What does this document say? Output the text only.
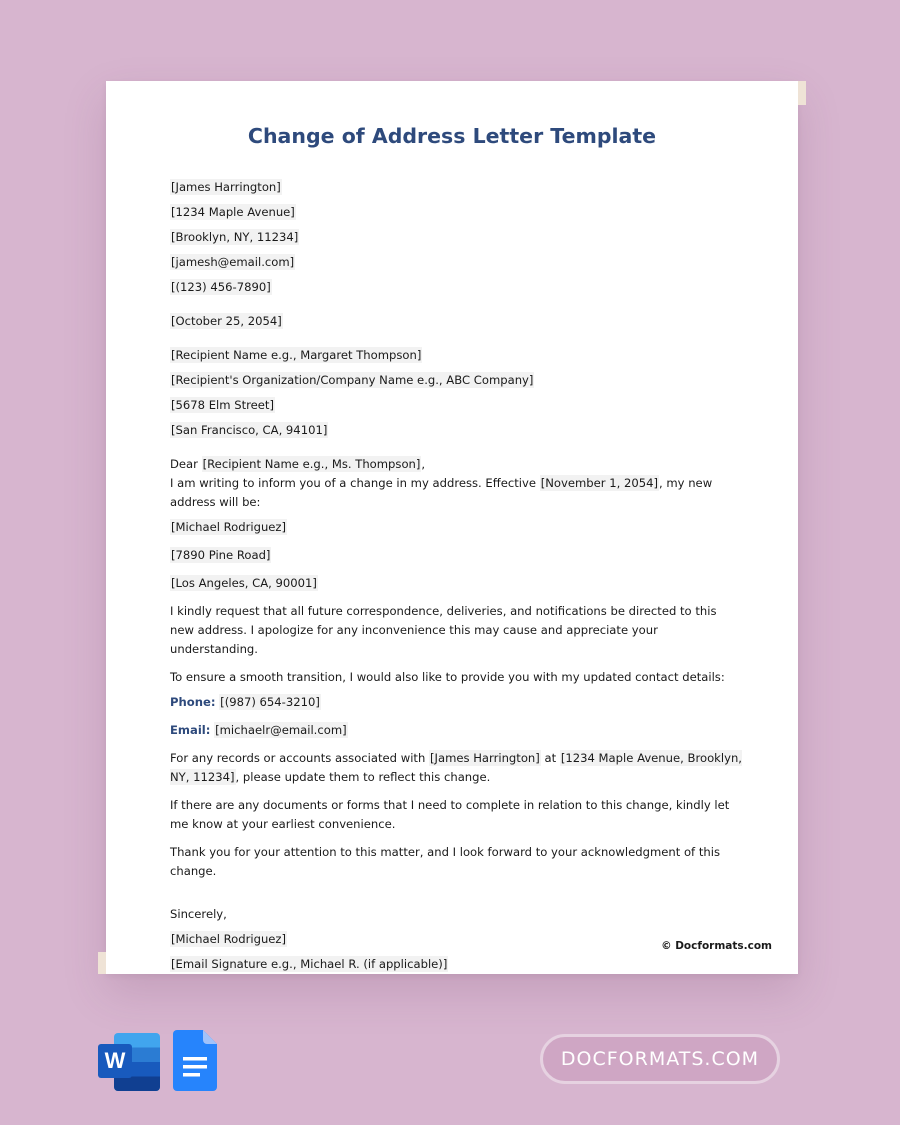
Change of Address Letter Template
[James Harrington]
[1234 Maple Avenue]
[Brooklyn, NY, 11234]
[jamesh@email.com]
[(123) 456-7890]
[October 25, 2054]
[Recipient Name e.g., Margaret Thompson]
[Recipient's Organization/Company Name e.g., ABC Company]
[5678 Elm Street]
[San Francisco, CA, 94101]
Dear [Recipient Name e.g., Ms. Thompson],
I am writing to inform you of a change in my address. Effective [November 1, 2054], my new address will be:
[Michael Rodriguez]
[7890 Pine Road]
[Los Angeles, CA, 90001]
I kindly request that all future correspondence, deliveries, and notifications be directed to this new address. I apologize for any inconvenience this may cause and appreciate your understanding.
To ensure a smooth transition, I would also like to provide you with my updated contact details:
Phone: [(987) 654-3210]
Email: [michaelr@email.com]
For any records or accounts associated with [James Harrington] at [1234 Maple Avenue, Brooklyn, NY, 11234], please update them to reflect this change.
If there are any documents or forms that I need to complete in relation to this change, kindly let me know at your earliest convenience.
Thank you for your attention to this matter, and I look forward to your acknowledgment of this change.
Sincerely,
[Michael Rodriguez]
[Email Signature e.g., Michael R. (if applicable)]
© Docformats.com
W	DOCFORMATS.COM
